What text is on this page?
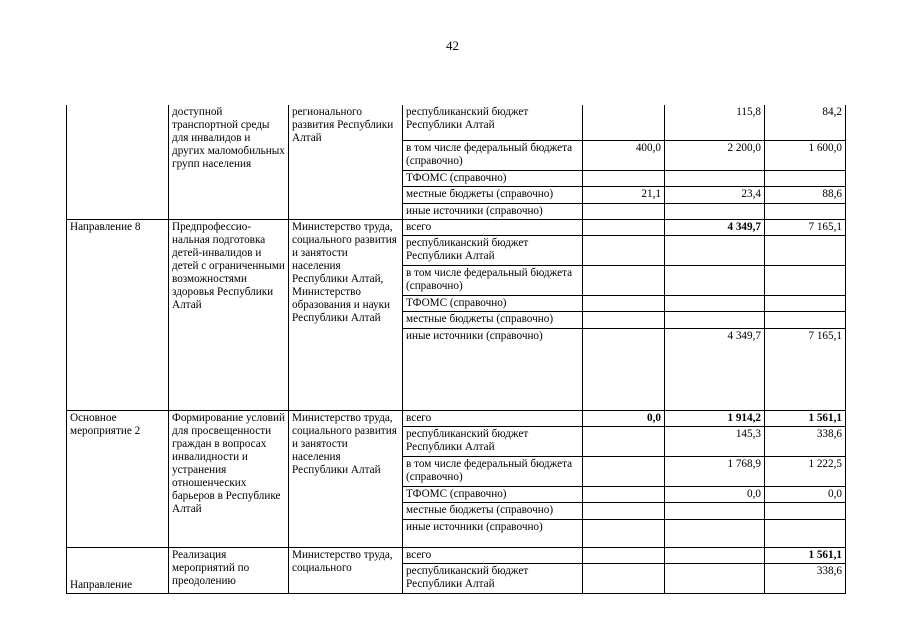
42
	доступной транспортной среды для инвалидов и других маломобильных групп населения	регионального развития Республики Алтай	республиканский бюджет Республики Алтай		115,8	84,2
			в том числе федеральный бюджета (справочно)	400,0	2 200,0	1 600,0
			ТФОМС (справочно)			
			местные бюджеты (справочно)	21,1	23,4	88,6
			иные источники (справочно)			
Направление 8	Предпрофессио- нальная подготовка детей-инвалидов и детей с ограниченными возможностями здоровья Республики Алтай	Министерство труда, социального развития и занятости населения Республики Алтай, Министерство образования и науки Республики Алтай	всего		4 349,7	7 165,1
			республиканский бюджет Республики Алтай			
			в том числе федеральный бюджета (справочно)			
			ТФОМС (справочно)			
			местные бюджеты (справочно)			
			иные источники (справочно)		4 349,7	7 165,1
Основное мероприятие 2	Формирование условий для просвещенности граждан в вопросах инвалидности и устранения отношенческих барьеров в Республике Алтай	Министерство труда, социального развития и занятости населения Республики Алтай	всего	0,0	1 914,2	1 561,1
			республиканский бюджет Республики Алтай		145,3	338,6
			в том числе федеральный бюджета (справочно)		1 768,9	1 222,5
			ТФОМС (справочно)		0,0	0,0
			местные бюджеты (справочно)			
			иные источники (справочно)			
Направление	Реализация мероприятий по преодолению	Министерство труда, социального	всего			1 561,1
			республиканский бюджет Республики Алтай			338,6
